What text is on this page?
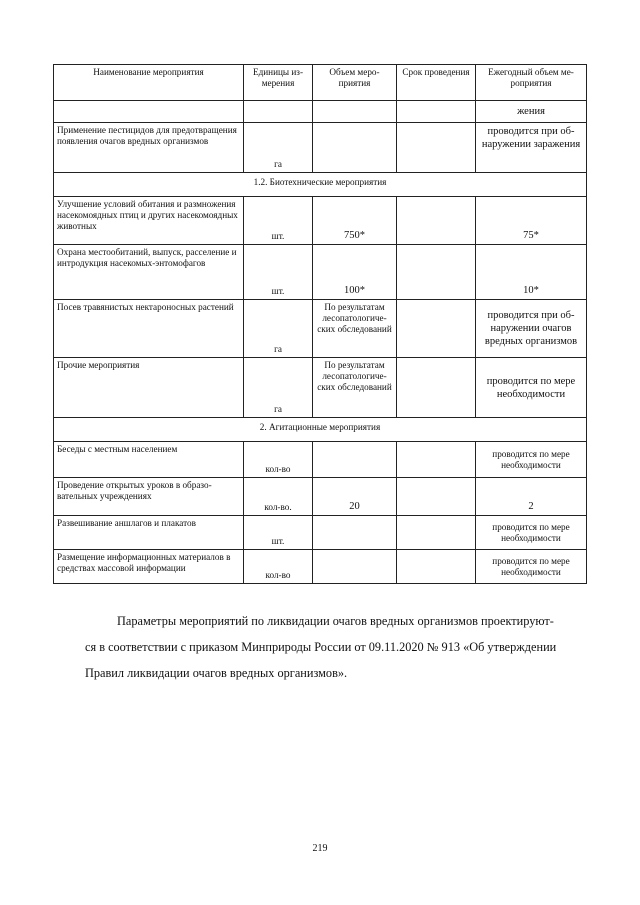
Наименование мероприятия	Единицы измерения	Объем мероприятия	Срок проведения	Ежегодный объем мероприятия
				жения
Применение пестицидов для предотвращения появления очагов вредных организмов	га			проводится при обнаружении заражения
1.2. Биотехнические мероприятия				
Улучшение условий обитания и размножения насекомоядных птиц и других насекомоядных животных	шт.	750*		75*
Охрана местообитаний, выпуск, расселение и интродукция насекомых-энтомофагов	шт.	100*		10*
Посев травянистых нектароносных растений	га	По результатам лесопатологических обследований		проводится при обнаружении очагов вредных организмов
Прочие мероприятия	га	По результатам лесопатологических обследований		проводится по мере необходимости
2. Агитационные мероприятия				
Беседы с местным населением	кол-во			проводится по мере необходимости
Проведение открытых уроков в образовательных учреждениях	кол-во.	20		2
Развешивание аншлагов и плакатов	шт.			проводится по мере необходимости
Размещение информационных материалов в средствах массовой информации	кол-во			проводится по мере необходимости
Параметры мероприятий по ликвидации очагов вредных организмов проектируют-
ся в соответствии с приказом Минприроды России от 09.11.2020 № 913 «Об утверждении
Правил ликвидации очагов вредных организмов».
219
